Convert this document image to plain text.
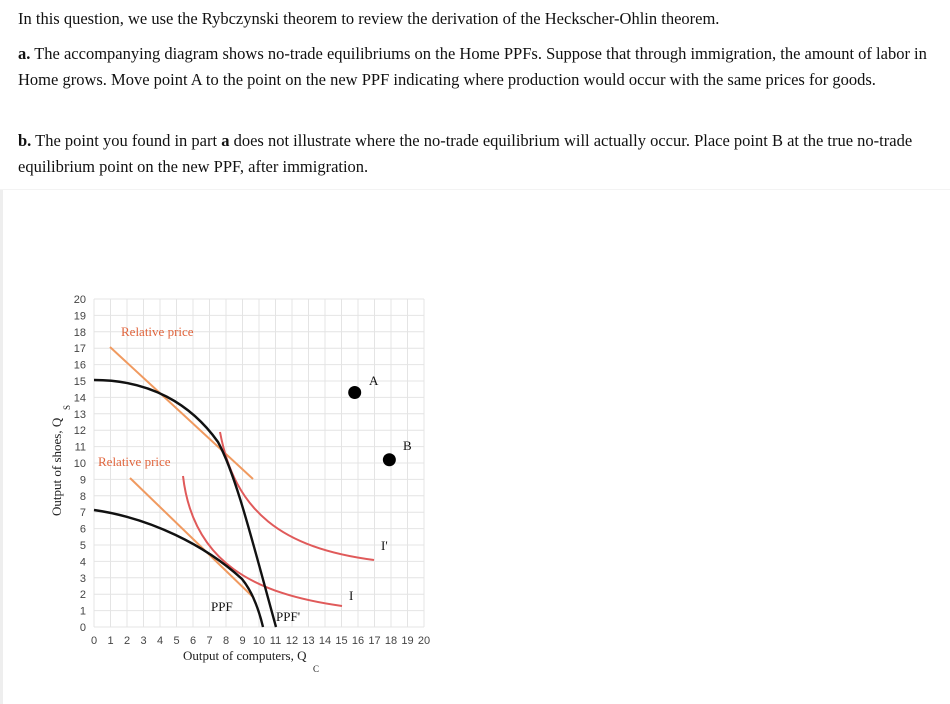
In this question, we use the Rybczynski theorem to review the derivation of the Heckscher-Ohlin theorem.
a. The accompanying diagram shows no-trade equilibriums on the Home PPFs. Suppose that through immigration, the amount of labor in Home grows. Move point A to the point on the new PPF indicating where production would occur with the same prices for goods.
b. The point you found in part a does not illustrate where the no-trade equilibrium will actually occur. Place point B at the true no-trade equilibrium point on the new PPF, after immigration.
0 1 2 3 4 5 6 7 8 9 10 11 12 13 14 15 16 17 18 19 20
0
1
2
3
4
5
6
7
8
9
10
11
12
13
14
15
16
17
18
19
20
Output of computers, Q
C
Output of shoes, Q
S
Relative price
Relative price
PPF
PPF'
I
I'
A
B
